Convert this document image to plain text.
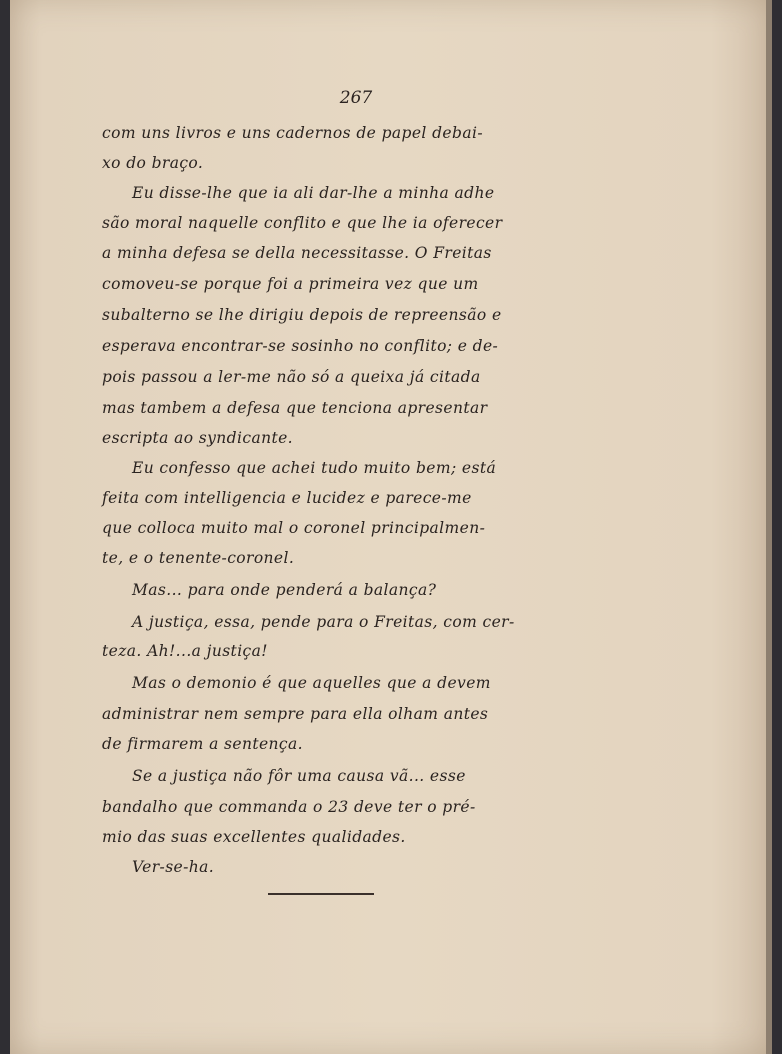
267
com uns livros e uns cadernos de papel debai-
xo do braço.
Eu disse-lhe que ia ali dar-lhe a minha adhe
são moral naquelle conflito e que lhe ia oferecer
a minha defesa se della necessitasse. O Freitas
comoveu-se porque foi a primeira vez que um
subalterno se lhe dirigiu depois de repreensão e
esperava encontrar-se sosinho no conflito; e de-
pois passou a ler-me não só a queixa já citada
mas tambem a defesa que tenciona apresentar
escripta ao syndicante.
Eu confesso que achei tudo muito bem; está
feita com intelligencia e lucidez e parece-me
que colloca muito mal o coronel principalmen-
te, e o tenente-coronel.
Mas... para onde penderá a balança?
A justiça, essa, pende para o Freitas, com cer-
teza. Ah!...a justiça!
Mas o demonio é que aquelles que a devem
administrar nem sempre para ella olham antes
de firmarem a sentença.
Se a justiça não fôr uma causa vã... esse
bandalho que commanda o 23 deve ter o pré-
mio das suas excellentes qualidades.
Ver-se-ha.
